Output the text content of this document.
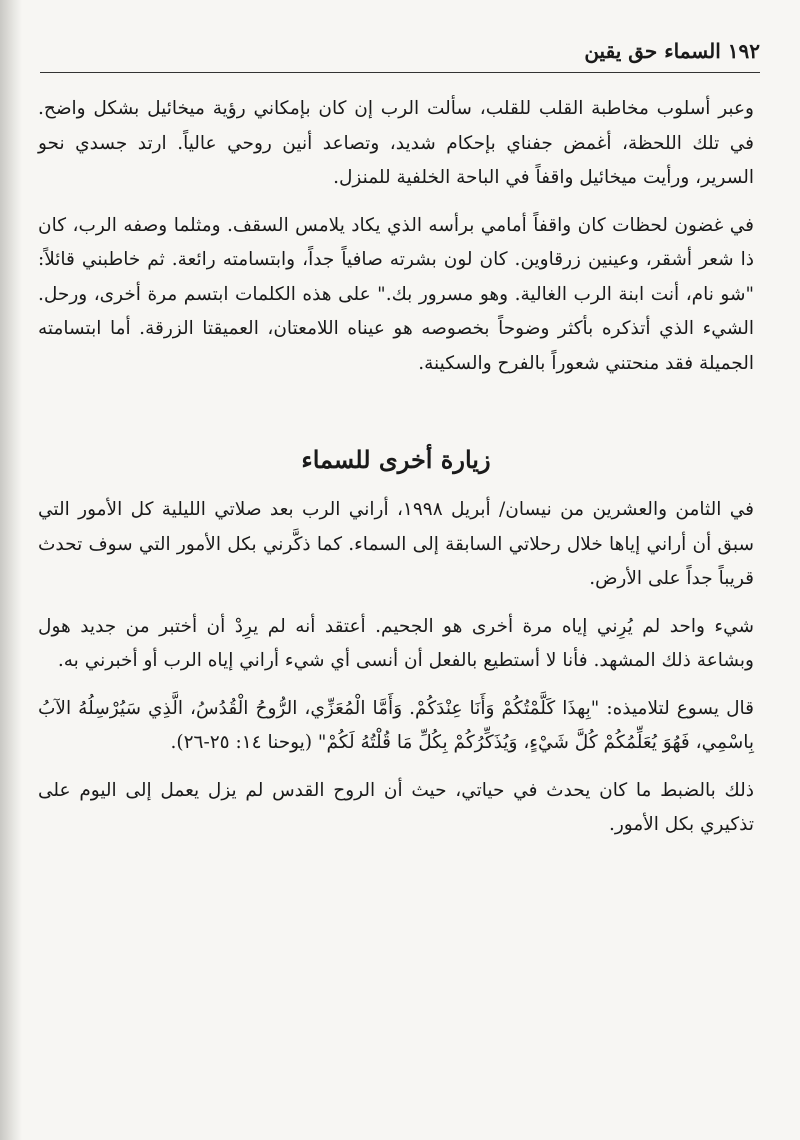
١٩٢ السماء حق يقين

وعبر أسلوب مخاطبة القلب للقلب، سألت الرب إن كان بإمكاني رؤية ميخائيل بشكل واضح. في تلك اللحظة، أغمض جفناي بإحكام شديد، وتصاعد أنين روحي عالياً. ارتد جسدي نحو السرير، ورأيت ميخائيل واقفاً في الباحة الخلفية للمنزل.

في غضون لحظات كان واقفاً أمامي برأسه الذي يكاد يلامس السقف. ومثلما وصفه الرب، كان ذا شعر أشقر، وعينين زرقاوين. كان لون بشرته صافياً جداً، وابتسامته رائعة. ثم خاطبني قائلاً: "شو نام، أنت ابنة الرب الغالية. وهو مسرور بك." على هذه الكلمات ابتسم مرة أخرى، ورحل. الشيء الذي أتذكره بأكثر وضوحاً بخصوصه هو عيناه اللامعتان، العميقتا الزرقة. أما ابتسامته الجميلة فقد منحتني شعوراً بالفرح والسكينة.

زيارة أخرى للسماء

في الثامن والعشرين من نيسان/ أبريل ١٩٩٨، أراني الرب بعد صلاتي الليلية كل الأمور التي سبق أن أراني إياها خلال رحلاتي السابقة إلى السماء. كما ذكَّرني بكل الأمور التي سوف تحدث قريباً جداً على الأرض.

شيء واحد لم يُرِني إياه مرة أخرى هو الجحيم. أعتقد أنه لم يرِدْ أن أختبر من جديد هول وبشاعة ذلك المشهد. فأنا لا أستطيع بالفعل أن أنسى أي شيء أراني إياه الرب أو أخبرني به.

قال يسوع لتلاميذه: "بِهذَا كَلَّمْتُكُمْ وَأَنَا عِنْدَكُمْ. وَأَمَّا الْمُعَزِّي، الرُّوحُ الْقُدُسُ، الَّذِي سَيُرْسِلُهُ الآبُ بِاسْمِي، فَهُوَ يُعَلِّمُكُمْ كُلَّ شَيْءٍ، وَيُذَكِّرُكُمْ بِكُلِّ مَا قُلْتُهُ لَكُمْ" (يوحنا ١٤: ٢٥-٢٦).

ذلك بالضبط ما كان يحدث في حياتي، حيث أن الروح القدس لم يزل يعمل إلى اليوم على تذكيري بكل الأمور.
